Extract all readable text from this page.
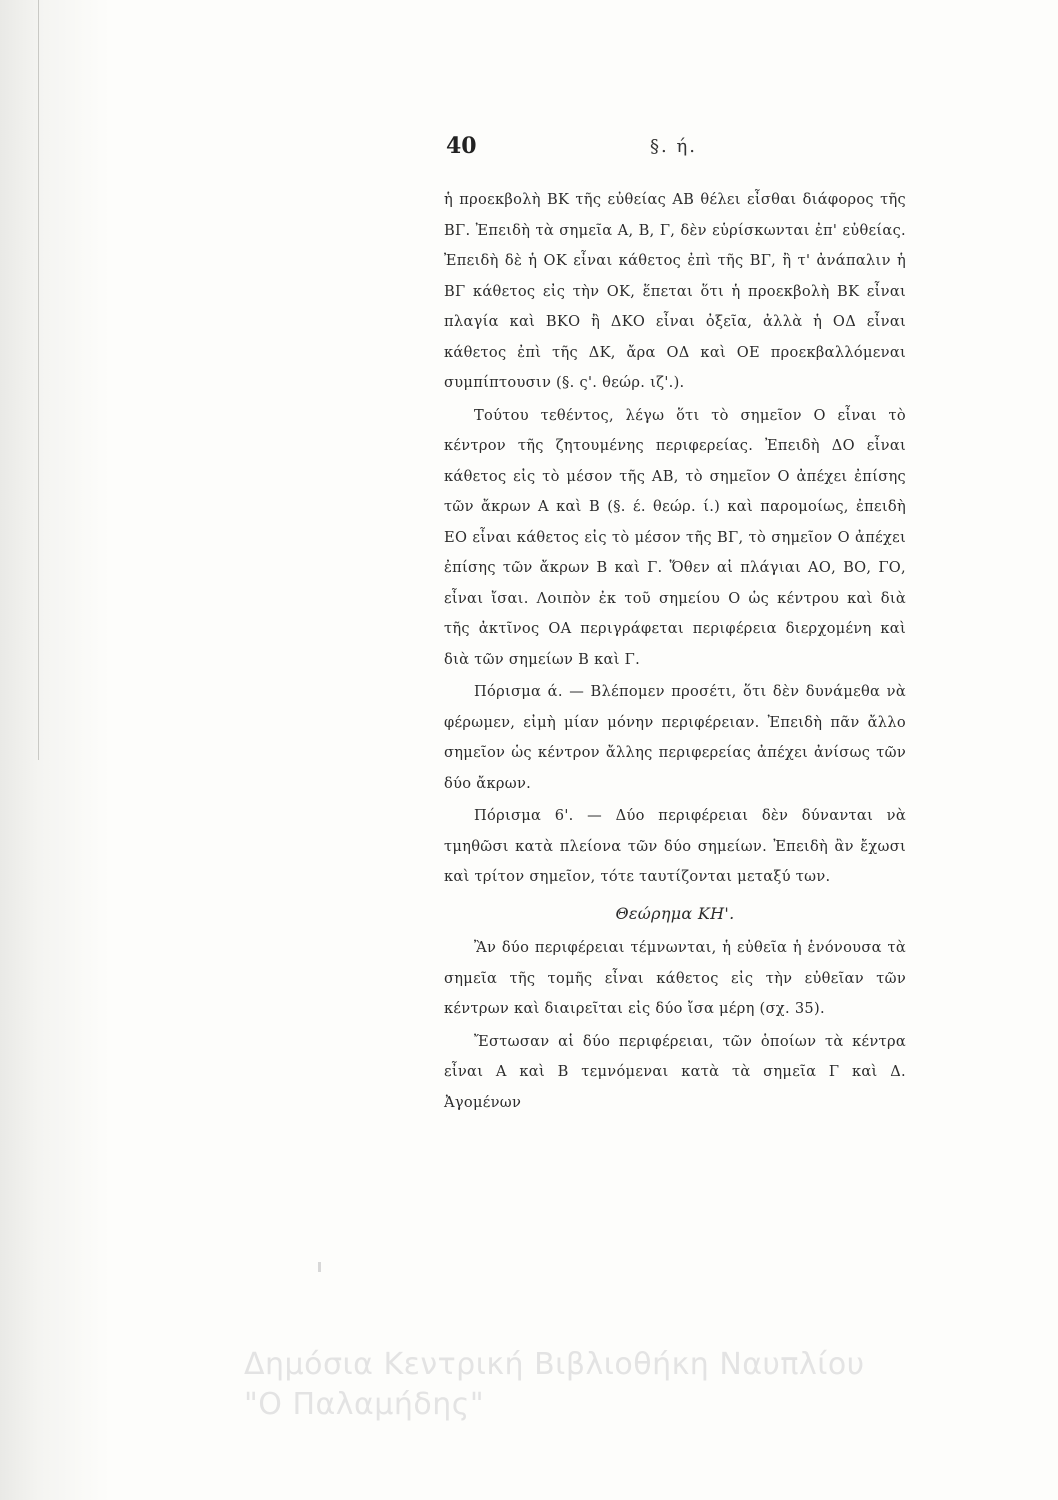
40	§. ή.

ἡ προεκβολὴ ΒΚ τῆς εὐθείας ΑΒ θέλει εἶσθαι διάφορος τῆς ΒΓ. Ἐπειδὴ τὰ σημεῖα Α, Β, Γ, δὲν εὑρίσκωνται ἐπ' εὐθείας. Ἐπειδὴ δὲ ἡ ΟΚ εἶναι κάθετος ἐπὶ τῆς ΒΓ, ἢ τ' ἀνάπαλιν ἡ ΒΓ κάθετος εἰς τὴν ΟΚ, ἕπεται ὅτι ἡ προεκβολὴ ΒΚ εἶναι πλαγία καὶ ΒΚΟ ἢ ΔΚΟ εἶναι ὀξεῖα, ἀλλὰ ἡ ΟΔ εἶναι κάθετος ἐπὶ τῆς ΔΚ, ἄρα ΟΔ καὶ ΟΕ προεκβαλλόμεναι συμπίπτουσιν (§. ς'. θεώρ. ιζ'.).

Τούτου τεθέντος, λέγω ὅτι τὸ σημεῖον Ο εἶναι τὸ κέντρον τῆς ζητουμένης περιφερείας. Ἐπειδὴ ΔΟ εἶναι κάθετος εἰς τὸ μέσον τῆς ΑΒ, τὸ σημεῖον Ο ἀπέχει ἐπίσης τῶν ἄκρων Α καὶ Β (§. έ. θεώρ. ί.) καὶ παρομοίως, ἐπειδὴ ΕΟ εἶναι κάθετος εἰς τὸ μέσον τῆς ΒΓ, τὸ σημεῖον Ο ἀπέχει ἐπίσης τῶν ἄκρων Β καὶ Γ. Ὅθεν αἱ πλάγιαι ΑΟ, ΒΟ, ΓΟ, εἶναι ἴσαι. Λοιπὸν ἐκ τοῦ σημείου Ο ὡς κέντρου καὶ διὰ τῆς ἀκτῖνος ΟΑ περιγράφεται περιφέρεια διερχομένη καὶ διὰ τῶν σημείων Β καὶ Γ.

Πόρισμα ά. — Βλέπομεν προσέτι, ὅτι δὲν δυνάμεθα νὰ φέρωμεν, εἰμὴ μίαν μόνην περιφέρειαν. Ἐπειδὴ πᾶν ἄλλο σημεῖον ὡς κέντρον ἄλλης περιφερείας ἀπέχει ἀνίσως τῶν δύο ἄκρων.

Πόρισμα 6'. — Δύο περιφέρειαι δὲν δύνανται νὰ τμηθῶσι κατὰ πλείονα τῶν δύο σημείων. Ἐπειδὴ ἂν ἔχωσι καὶ τρίτον σημεῖον, τότε ταυτίζονται μεταξύ των.

Θεώρημα ΚΗ'.

Ἂν δύο περιφέρειαι τέμνωνται, ἡ εὐθεῖα ἡ ἑνόνουσα τὰ σημεῖα τῆς τομῆς εἶναι κάθετος εἰς τὴν εὐθεῖαν τῶν κέντρων καὶ διαιρεῖται εἰς δύο ἴσα μέρη (σχ. 35).

Ἔστωσαν αἱ δύο περιφέρειαι, τῶν ὁποίων τὰ κέντρα εἶναι Α καὶ Β τεμνόμεναι κατὰ τὰ σημεῖα Γ καὶ Δ. Ἀγομένων

Δημόσια Κεντρική Βιβλιοθήκη Ναυπλίου
"Ο Παλαμήδης"
